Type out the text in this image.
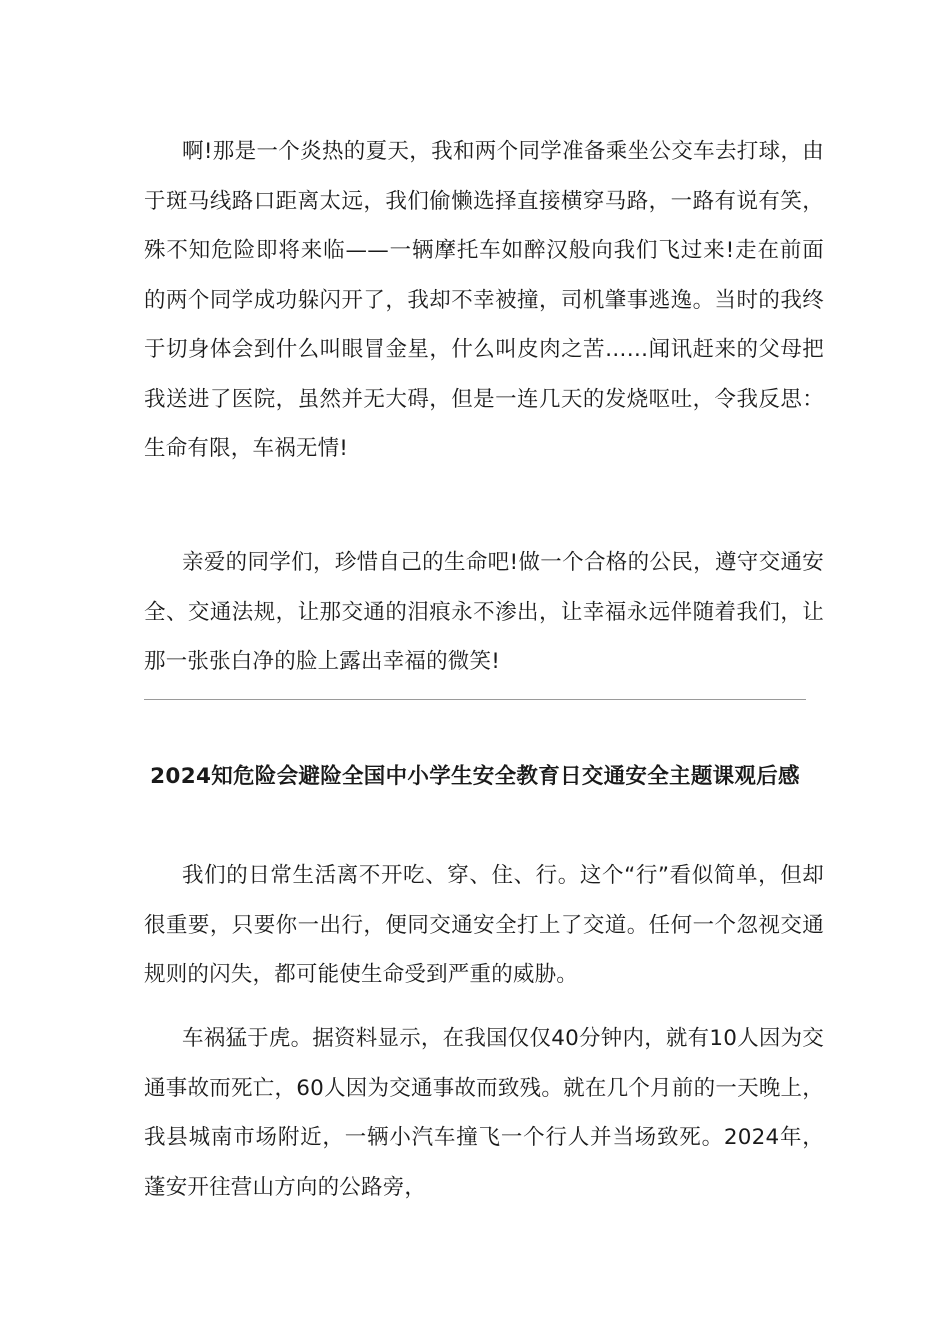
啊!那是一个炎热的夏天，我和两个同学准备乘坐公交车去打球，由于斑马线路口距离太远，我们偷懒选择直接横穿马路，一路有说有笑，殊不知危险即将来临——一辆摩托车如醉汉般向我们飞过来!走在前面的两个同学成功躲闪开了，我却不幸被撞，司机肇事逃逸。当时的我终于切身体会到什么叫眼冒金星，什么叫皮肉之苦……闻讯赶来的父母把我送进了医院，虽然并无大碍，但是一连几天的发烧呕吐，令我反思：生命有限，车祸无情!

亲爱的同学们，珍惜自己的生命吧!做一个合格的公民，遵守交通安全、交通法规，让那交通的泪痕永不渗出，让幸福永远伴随着我们，让那一张张白净的脸上露出幸福的微笑!

2024知危险会避险全国中小学生安全教育日交通安全主题课观后感

我们的日常生活离不开吃、穿、住、行。这个“行”看似简单，但却很重要，只要你一出行，便同交通安全打上了交道。任何一个忽视交通规则的闪失，都可能使生命受到严重的威胁。

车祸猛于虎。据资料显示，在我国仅仅40分钟内，就有10人因为交通事故而死亡，60人因为交通事故而致残。就在几个月前的一天晚上，我县城南市场附近，一辆小汽车撞飞一个行人并当场致死。2024年，蓬安开往营山方向的公路旁，
